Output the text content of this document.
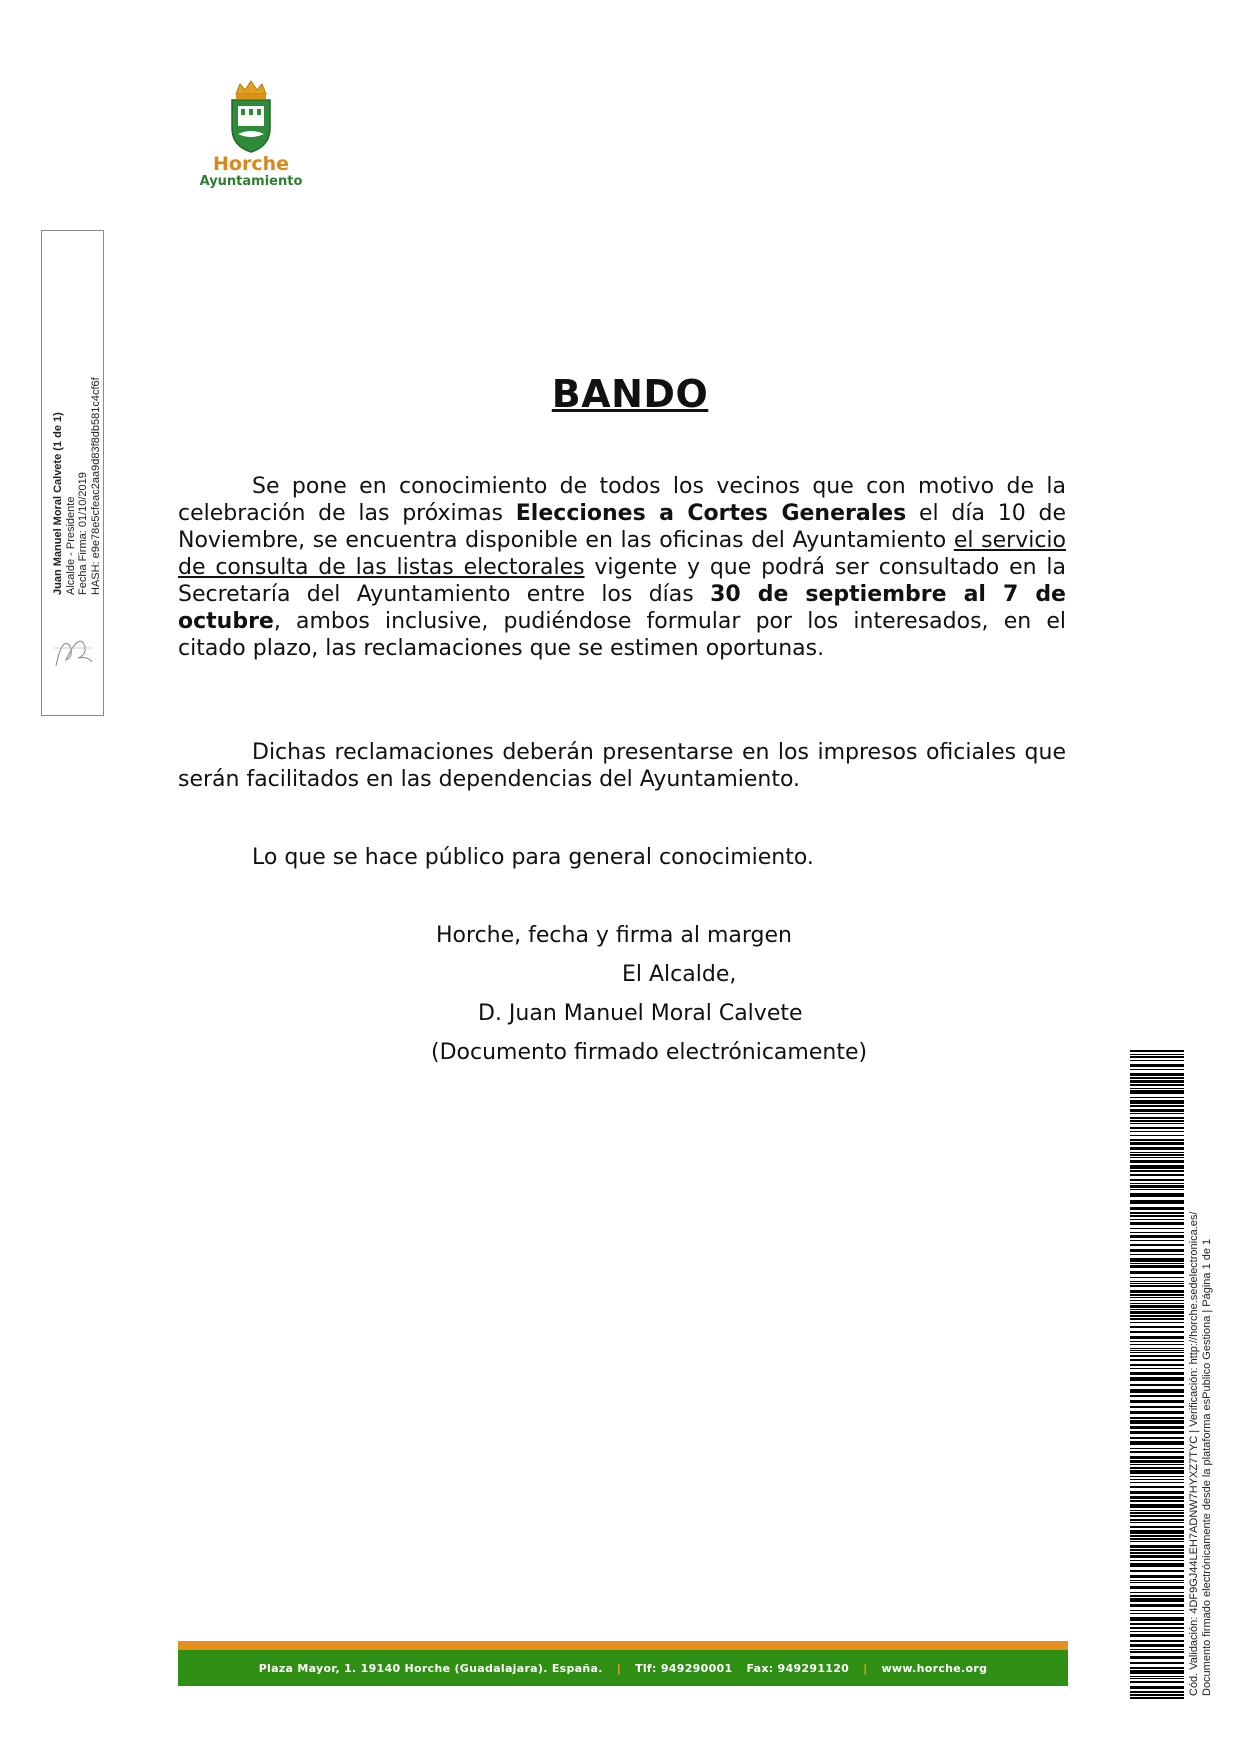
Horche
Ayuntamiento
Juan Manuel Moral Calvete (1 de 1) Alcalde - Presidente Fecha Firma: 01/10/2019 HASH: e9e78e5cfeac2aa9d83f8db581c4cf6f	BANDO
Se pone en conocimiento de todos los vecinos que con motivo de la celebración de las próximas Elecciones a Cortes Generales el día 10 de Noviembre, se encuentra disponible en las oficinas del Ayuntamiento el servicio de consulta de las listas electorales vigente y que podrá ser consultado en la Secretaría del Ayuntamiento entre los días 30 de septiembre al 7 de octubre, ambos inclusive, pudiéndose formular por los interesados, en el citado plazo, las reclamaciones que se estimen oportunas.
Dichas reclamaciones deberán presentarse en los impresos oficiales que serán facilitados en las dependencias del Ayuntamiento.
Lo que se hace público para general conocimiento.
Horche, fecha y firma al margen
El Alcalde,
D. Juan Manuel Moral Calvete
(Documento firmado electrónicamente)
Plaza Mayor, 1. 19140 Horche (Guadalajara). España. | Tlf: 949290001 Fax: 949291120 | www.horche.org	Cód. Validación: 4DF9GJ44LEH7ADNW7HYXZ7TYC | Verificación: http://horche.sedelectronica.es/ Documento firmado electrónicamente desde la plataforma esPublico Gestiona | Página 1 de 1
